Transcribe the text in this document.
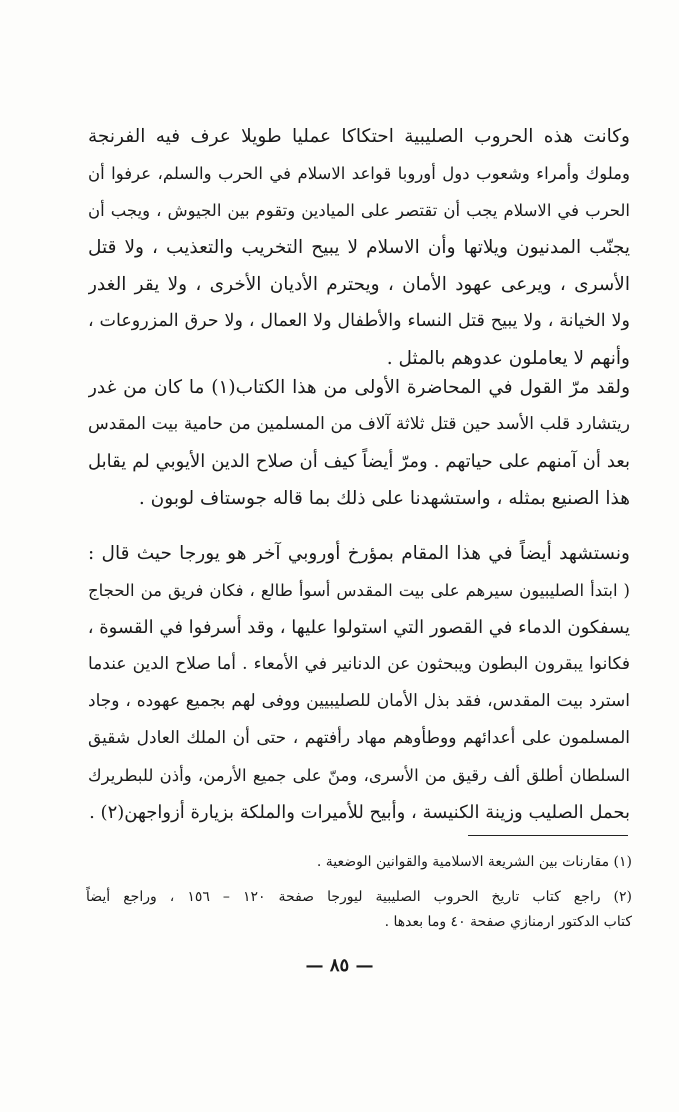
وكانت هذه الحروب الصليبية احتكاكا عمليا طويلا عرف فيه الفرنجة
وملوك وأمراء وشعوب دول أوروبا قواعد الاسلام في الحرب والسلم، عرفوا أن
الحرب في الاسلام يجب أن تقتصر على الميادين وتقوم بين الجيوش ، ويجب أن
يجنّب المدنيون ويلاتها وأن الاسلام لا يبيح التخريب والتعذيب ، ولا قتل
الأسرى ، ويرعى عهود الأمان ، ويحترم الأديان الأخرى ، ولا يقر الغدر
ولا الخيانة ، ولا يبيح قتل النساء والأطفال ولا العمال ، ولا حرق المزروعات ،
وأنهم لا يعاملون عدوهم بالمثل .
ولقد مرّ القول في المحاضرة الأولى من هذا الكتاب(١) ما كان من غدر
ريتشارد قلب الأسد حين قتل ثلاثة آلاف من المسلمين من حامية بيت المقدس
بعد أن آمنهم على حياتهم . ومرّ أيضاً كيف أن صلاح الدين الأيوبي لم يقابل
هذا الصنيع بمثله ، واستشهدنا على ذلك بما قاله جوستاف لوبون .
ونستشهد أيضاً في هذا المقام بمؤرخ أوروبي آخر هو يورجا حيث قال :
( ابتدأ الصليبيون سيرهم على بيت المقدس أسوأ طالع ، فكان فريق من الحجاج
يسفكون الدماء في القصور التي استولوا عليها ، وقد أسرفوا في القسوة ،
فكانوا يبقرون البطون ويبحثون عن الدنانير في الأمعاء . أما صلاح الدين عندما
استرد بيت المقدس، فقد بذل الأمان للصليبيين ووفى لهم بجميع عهوده ، وجاد
المسلمون على أعدائهم ووطأوهم مهاد رأفتهم ، حتى أن الملك العادل شقيق
السلطان أطلق ألف رقيق من الأسرى، ومنّ على جميع الأرمن، وأذن للبطريرك
بحمل الصليب وزينة الكنيسة ، وأبيح للأميرات والملكة بزيارة أزواجهن(٢) .
(١) مقارنات بين الشريعة الاسلامية والقوانين الوضعية .
(٢) راجع كتاب تاريخ الحروب الصليبية ليورجا صفحة ١٢٠ – ١٥٦ ، وراجع أيضاً
كتاب الدكتور ارمنازي صفحة ٤٠ وما بعدها .
— ٨٥ —
